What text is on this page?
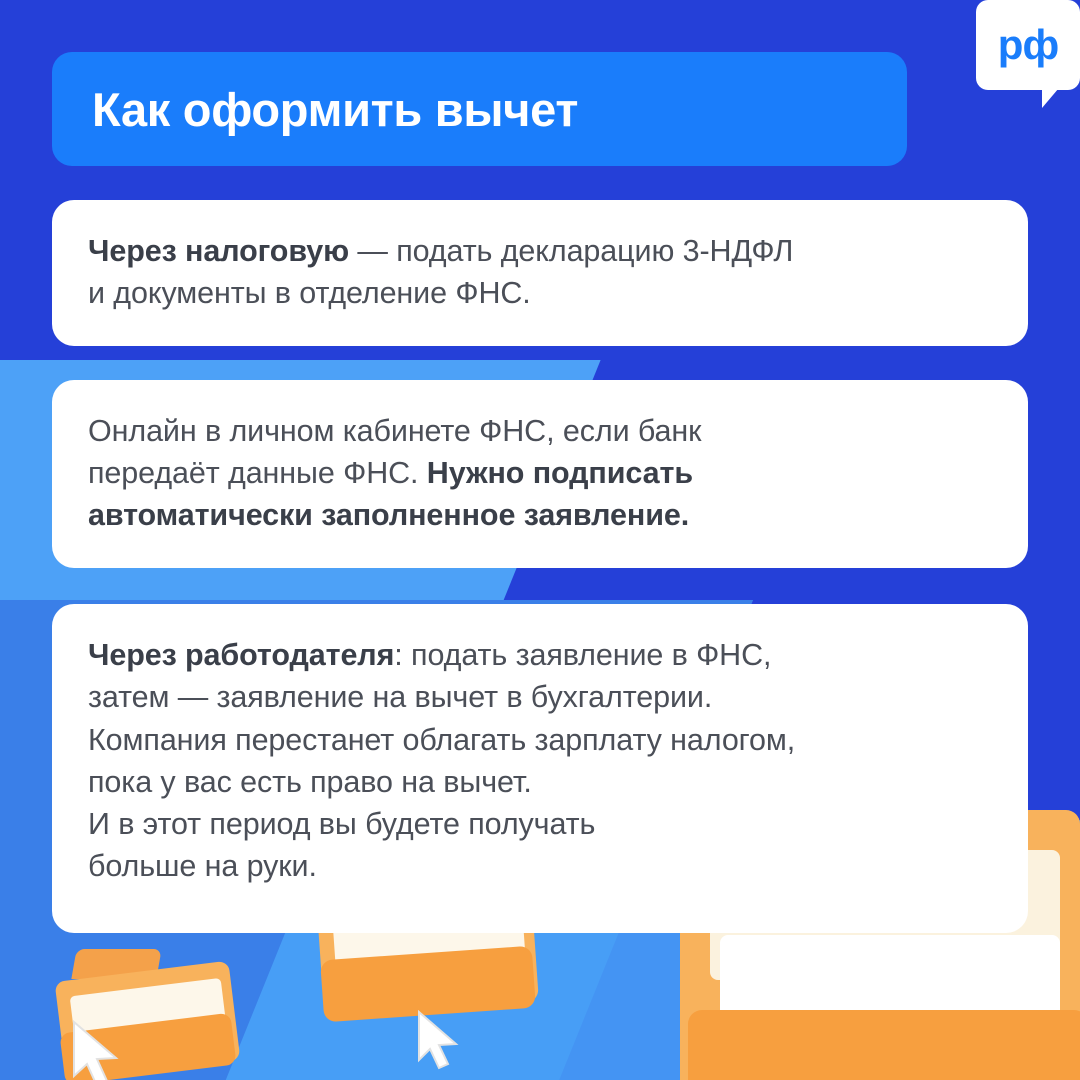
Как оформить вычет
рф

Через налоговую — подать декларацию 3-НДФЛ
и документы в отделение ФНС.

Онлайн в личном кабинете ФНС, если банк
передаёт данные ФНС. Нужно подписать
автоматически заполненное заявление.

Через работодателя: подать заявление в ФНС,
затем — заявление на вычет в бухгалтерии.
Компания перестанет облагать зарплату налогом,
пока у вас есть право на вычет.
И в этот период вы будете получать
больше на руки.
